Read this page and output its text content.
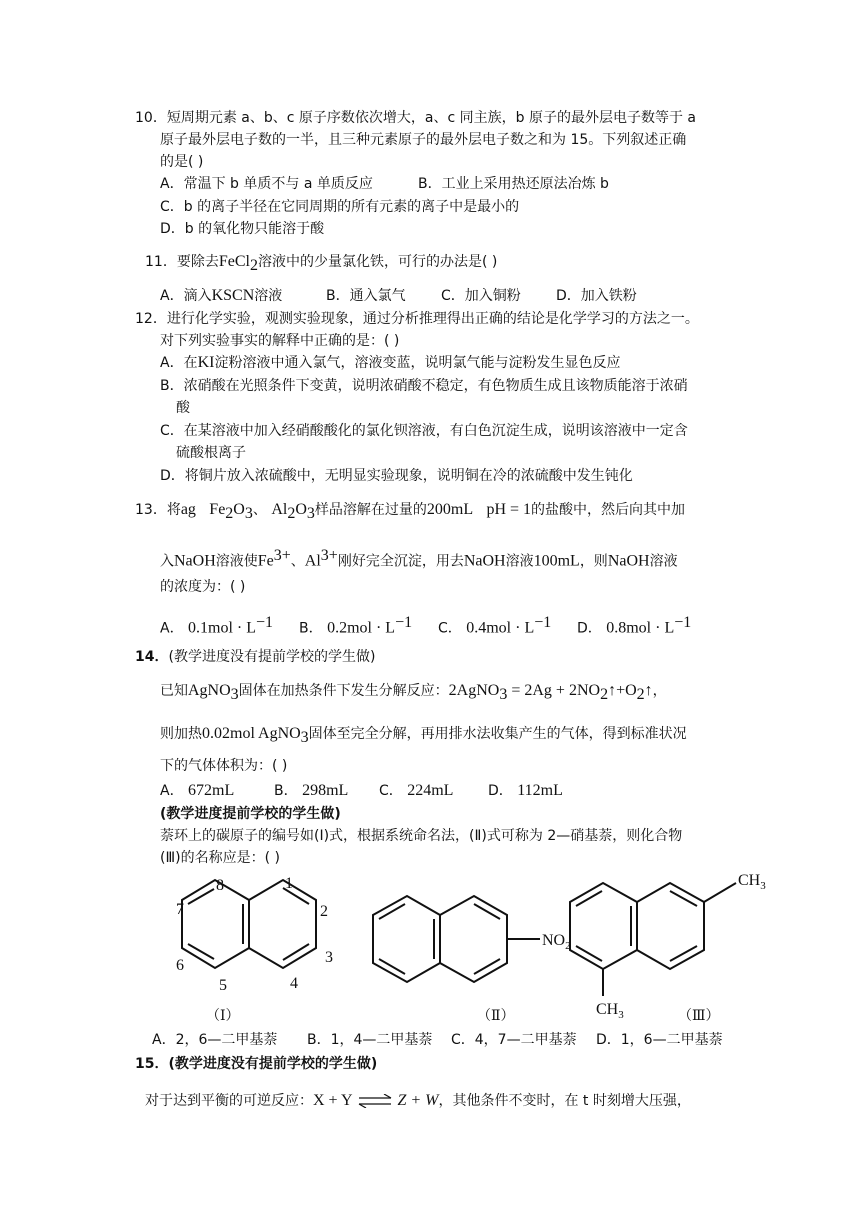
10．短周期元素 a、b、c 原子序数依次增大，a、c 同主族，b 原子的最外层电子数等于 a
原子最外层电子数的一半，且三种元素原子的最外层电子数之和为 15。下列叙述正确
的是( )
A．常温下 b 单质不与 a 单质反应	B．工业上采用热还原法冶炼 b
C．b 的离子半径在它同周期的所有元素的离子中是最小的
D．b 的氧化物只能溶于酸
11．要除去FeCl$_2$溶液中的少量氯化铁，可行的办法是( )
A．滴入KSCN溶液	B．通入氯气	C．加入铜粉	D．加入铁粉
12．进行化学实验，观测实验现象，通过分析推理得出正确的结论是化学学习的方法之一。
对下列实验事实的解释中正确的是：( )
A．在KI淀粉溶液中通入氯气，溶液变蓝，说明氯气能与淀粉发生显色反应
B．浓硝酸在光照条件下变黄，说明浓硝酸不稳定，有色物质生成且该物质能溶于浓硝
酸
C．在某溶液中加入经硝酸酸化的氯化钡溶液，有白色沉淀生成，说明该溶液中一定含
硫酸根离子
D．将铜片放入浓硫酸中，无明显实验现象，说明铜在冷的浓硫酸中发生钝化
13．将ag $Fe_2O_3$、 $Al_2O_3$样品溶解在过量的200mL pH = 1的盐酸中，然后向其中加
入NaOH溶液使$Fe^{3+}$、$Al^{3+}$刚好完全沉淀，用去NaOH溶液100mL，则NaOH溶液
的浓度为：( )
A． $0.1mol \cdot L^{-1}$ B． $0.2mol \cdot L^{-1}$ C． $0.4mol \cdot L^{-1}$ D． $0.8mol \cdot L^{-1}$
14．(教学进度没有提前学校的学生做)
已知AgNO$_3$固体在加热条件下发生分解反应：2AgNO$_3$ = $2Ag + 2NO_2↑+O_2↑$，
则加热0.02mol AgNO$_3$固体至完全分解，再用排水法收集产生的气体，得到标准状况
下的气体体积为：( )
A． 672mL	B． 298mL C． 224mL D． 112mL
(教学进度提前学校的学生做)
萘环上的碳原子的编号如(Ⅰ)式，根据系统命名法，(Ⅱ)式可称为 2—硝基萘，则化合物
(Ⅲ)的名称应是：( )
8	1
7	2
6	3
5	4
$NO_2$
$CH_3$
$CH_3$
（Ⅰ）	（Ⅱ）	（Ⅲ）
A．2，6—二甲基萘 B．1，4—二甲基萘 C．4，7—二甲基萘 D．1，6—二甲基萘
15．(教学进度没有提前学校的学生做)
对于达到平衡的可逆反应：X + Y ⇌ Z + W，其他条件不变时，在 t 时刻增大压强，
